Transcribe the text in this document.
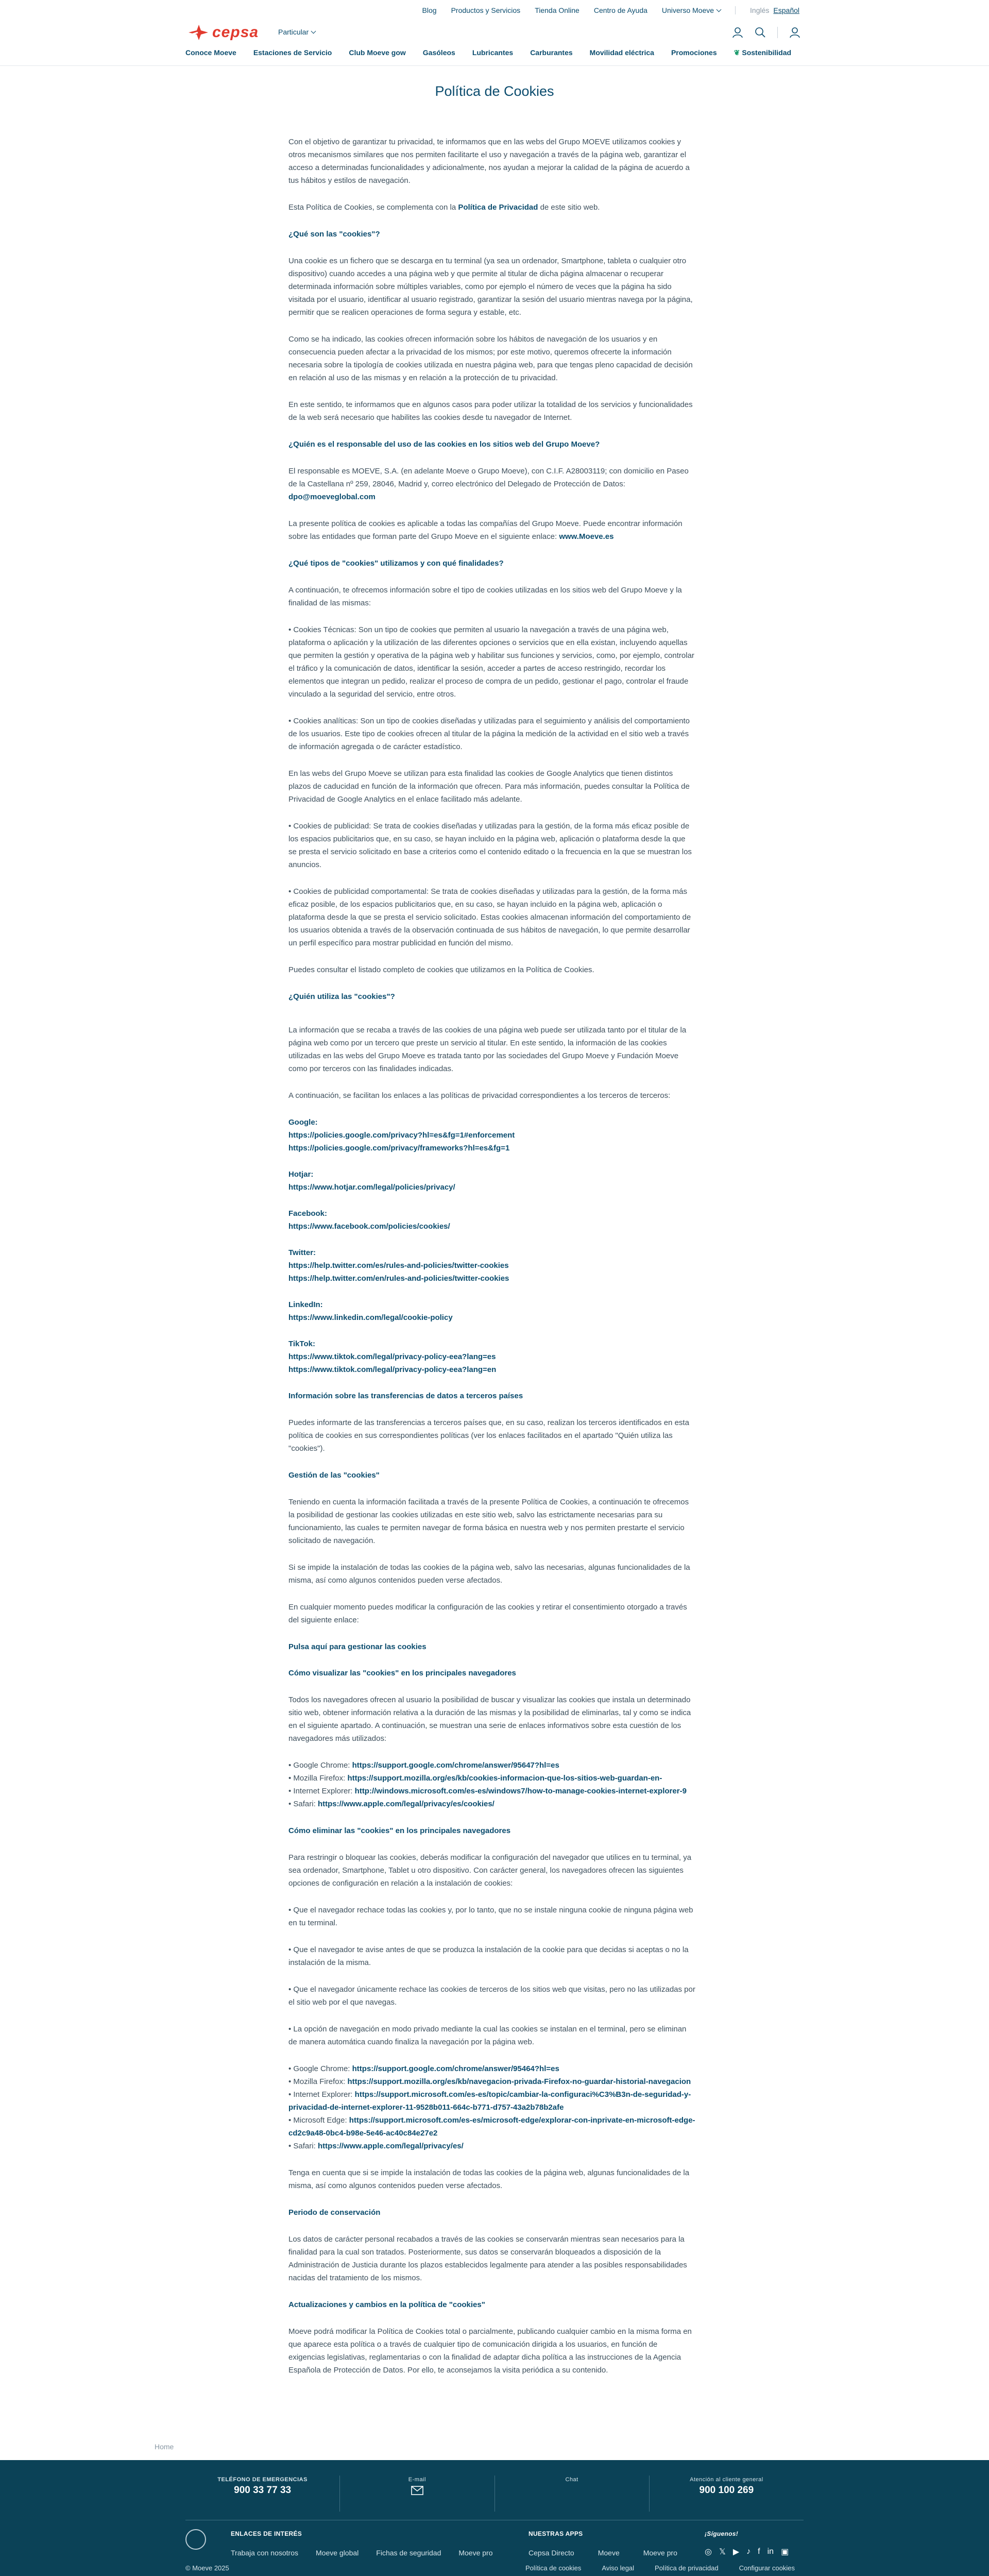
Blog Productos y Servicios Tienda Online Centro de Ayuda Universo Moeve	Inglés Español
cepsa	Particular
Conoce Moeve Estaciones de Servicio Club Moeve gow Gasóleos Lubricantes Carburantes Movilidad eléctrica Promociones ❦ Sostenibilidad
Política de Cookies

Con el objetivo de garantizar tu privacidad, te informamos que en las webs del Grupo MOEVE utilizamos cookies y otros mecanismos similares que nos permiten facilitarte el uso y navegación a través de la página web, garantizar el acceso a determinadas funcionalidades y adicionalmente, nos ayudan a mejorar la calidad de la página de acuerdo a tus hábitos y estilos de navegación.

Esta Política de Cookies, se complementa con la Política de Privacidad de este sitio web.

¿Qué son las "cookies"?

Una cookie es un fichero que se descarga en tu terminal (ya sea un ordenador, Smartphone, tableta o cualquier otro dispositivo) cuando accedes a una página web y que permite al titular de dicha página almacenar o recuperar determinada información sobre múltiples variables, como por ejemplo el número de veces que la página ha sido visitada por el usuario, identificar al usuario registrado, garantizar la sesión del usuario mientras navega por la página, permitir que se realicen operaciones de forma segura y estable, etc.

Como se ha indicado, las cookies ofrecen información sobre los hábitos de navegación de los usuarios y en consecuencia pueden afectar a la privacidad de los mismos; por este motivo, queremos ofrecerte la información necesaria sobre la tipología de cookies utilizada en nuestra página web, para que tengas pleno capacidad de decisión en relación al uso de las mismas y en relación a la protección de tu privacidad.

En este sentido, te informamos que en algunos casos para poder utilizar la totalidad de los servicios y funcionalidades de la web será necesario que habilites las cookies desde tu navegador de Internet.

¿Quién es el responsable del uso de las cookies en los sitios web del Grupo Moeve?

El responsable es MOEVE, S.A. (en adelante Moeve o Grupo Moeve), con C.I.F. A28003119; con domicilio en Paseo de la Castellana nº 259, 28046, Madrid y, correo electrónico del Delegado de Protección de Datos: dpo@moeveglobal.com

La presente política de cookies es aplicable a todas las compañías del Grupo Moeve. Puede encontrar información sobre las entidades que forman parte del Grupo Moeve en el siguiente enlace: www.Moeve.es

¿Qué tipos de "cookies" utilizamos y con qué finalidades?

A continuación, te ofrecemos información sobre el tipo de cookies utilizadas en los sitios web del Grupo Moeve y la finalidad de las mismas:

• Cookies Técnicas: Son un tipo de cookies que permiten al usuario la navegación a través de una página web, plataforma o aplicación y la utilización de las diferentes opciones o servicios que en ella existan, incluyendo aquellas que permiten la gestión y operativa de la página web y habilitar sus funciones y servicios, como, por ejemplo, controlar el tráfico y la comunicación de datos, identificar la sesión, acceder a partes de acceso restringido, recordar los elementos que integran un pedido, realizar el proceso de compra de un pedido, gestionar el pago, controlar el fraude vinculado a la seguridad del servicio, entre otros.

• Cookies analíticas: Son un tipo de cookies diseñadas y utilizadas para el seguimiento y análisis del comportamiento de los usuarios. Este tipo de cookies ofrecen al titular de la página la medición de la actividad en el sitio web a través de información agregada o de carácter estadístico.

En las webs del Grupo Moeve se utilizan para esta finalidad las cookies de Google Analytics que tienen distintos plazos de caducidad en función de la información que ofrecen. Para más información, puedes consultar la Política de Privacidad de Google Analytics en el enlace facilitado más adelante.

• Cookies de publicidad: Se trata de cookies diseñadas y utilizadas para la gestión, de la forma más eficaz posible de los espacios publicitarios que, en su caso, se hayan incluido en la página web, aplicación o plataforma desde la que se presta el servicio solicitado en base a criterios como el contenido editado o la frecuencia en la que se muestran los anuncios.

• Cookies de publicidad comportamental: Se trata de cookies diseñadas y utilizadas para la gestión, de la forma más eficaz posible, de los espacios publicitarios que, en su caso, se hayan incluido en la página web, aplicación o plataforma desde la que se presta el servicio solicitado. Estas cookies almacenan información del comportamiento de los usuarios obtenida a través de la observación continuada de sus hábitos de navegación, lo que permite desarrollar un perfil específico para mostrar publicidad en función del mismo.

Puedes consultar el listado completo de cookies que utilizamos en la Política de Cookies.

¿Quién utiliza las "cookies"?

La información que se recaba a través de las cookies de una página web puede ser utilizada tanto por el titular de la página web como por un tercero que preste un servicio al titular. En este sentido, la información de las cookies utilizadas en las webs del Grupo Moeve es tratada tanto por las sociedades del Grupo Moeve y Fundación Moeve como por terceros con las finalidades indicadas.

A continuación, se facilitan los enlaces a las políticas de privacidad correspondientes a los terceros de terceros:

Google:
https://policies.google.com/privacy?hl=es&fg=1#enforcement
https://policies.google.com/privacy/frameworks?hl=es&fg=1
Hotjar:
https://www.hotjar.com/legal/policies/privacy/
Facebook:
https://www.facebook.com/policies/cookies/
Twitter:
https://help.twitter.com/es/rules-and-policies/twitter-cookies
https://help.twitter.com/en/rules-and-policies/twitter-cookies
LinkedIn:
https://www.linkedin.com/legal/cookie-policy
TikTok:
https://www.tiktok.com/legal/privacy-policy-eea?lang=es
https://www.tiktok.com/legal/privacy-policy-eea?lang=en
Información sobre las transferencias de datos a terceros países

Puedes informarte de las transferencias a terceros países que, en su caso, realizan los terceros identificados en esta política de cookies en sus correspondientes políticas (ver los enlaces facilitados en el apartado "Quién utiliza las "cookies").

Gestión de las "cookies"

Teniendo en cuenta la información facilitada a través de la presente Política de Cookies, a continuación te ofrecemos la posibilidad de gestionar las cookies utilizadas en este sitio web, salvo las estrictamente necesarias para su funcionamiento, las cuales te permiten navegar de forma básica en nuestra web y nos permiten prestarte el servicio solicitado de navegación.

Si se impide la instalación de todas las cookies de la página web, salvo las necesarias, algunas funcionalidades de la misma, así como algunos contenidos pueden verse afectados.

En cualquier momento puedes modificar la configuración de las cookies y retirar el consentimiento otorgado a través del siguiente enlace:

Pulsa aquí para gestionar las cookies
Cómo visualizar las "cookies" en los principales navegadores

Todos los navegadores ofrecen al usuario la posibilidad de buscar y visualizar las cookies que instala un determinado sitio web, obtener información relativa a la duración de las mismas y la posibilidad de eliminarlas, tal y como se indica en el siguiente apartado. A continuación, se muestran una serie de enlaces informativos sobre esta cuestión de los navegadores más utilizados:

• Google Chrome: https://support.google.com/chrome/answer/95647?hl=es
• Mozilla Firefox: https://support.mozilla.org/es/kb/cookies-informacion-que-los-sitios-web-guardan-en-
• Internet Explorer: http://windows.microsoft.com/es-es/windows7/how-to-manage-cookies-internet-explorer-9
• Safari: https://www.apple.com/legal/privacy/es/cookies/

Cómo eliminar las "cookies" en los principales navegadores

Para restringir o bloquear las cookies, deberás modificar la configuración del navegador que utilices en tu terminal, ya sea ordenador, Smartphone, Tablet u otro dispositivo. Con carácter general, los navegadores ofrecen las siguientes opciones de configuración en relación a la instalación de cookies:

• Que el navegador rechace todas las cookies y, por lo tanto, que no se instale ninguna cookie de ninguna página web en tu terminal.

• Que el navegador te avise antes de que se produzca la instalación de la cookie para que decidas si aceptas o no la instalación de la misma.

• Que el navegador únicamente rechace las cookies de terceros de los sitios web que visitas, pero no las utilizadas por el sitio web por el que navegas.

• La opción de navegación en modo privado mediante la cual las cookies se instalan en el terminal, pero se eliminan de manera automática cuando finaliza la navegación por la página web.

• Google Chrome: https://support.google.com/chrome/answer/95464?hl=es
• Mozilla Firefox: https://support.mozilla.org/es/kb/navegacion-privada-Firefox-no-guardar-historial-navegacion
• Internet Explorer: https://support.microsoft.com/es-es/topic/cambiar-la-configuraci%C3%B3n-de-seguridad-y-privacidad-de-internet-explorer-11-9528b011-664c-b771-d757-43a2b78b2afe
• Microsoft Edge: https://support.microsoft.com/es-es/microsoft-edge/explorar-con-inprivate-en-microsoft-edge-cd2c9a48-0bc4-b98e-5e46-ac40c84e27e2
• Safari: https://www.apple.com/legal/privacy/es/

Tenga en cuenta que si se impide la instalación de todas las cookies de la página web, algunas funcionalidades de la misma, así como algunos contenidos pueden verse afectados.

Periodo de conservación

Los datos de carácter personal recabados a través de las cookies se conservarán mientras sean necesarios para la finalidad para la cual son tratados. Posteriormente, sus datos se conservarán bloqueados a disposición de la Administración de Justicia durante los plazos establecidos legalmente para atender a las posibles responsabilidades nacidas del tratamiento de los mismos.

Actualizaciones y cambios en la política de "cookies"

Moeve podrá modificar la Política de Cookies total o parcialmente, publicando cualquier cambio en la misma forma en que aparece esta política o a través de cualquier tipo de comunicación dirigida a los usuarios, en función de exigencias legislativas, reglamentarias o con la finalidad de adaptar dicha política a las instrucciones de la Agencia Española de Protección de Datos. Por ello, te aconsejamos la visita periódica a su contenido.

Home
TELÉFONO DE EMERGENCIAS
900 33 77 33
E-mail	Chat	Atención al cliente general
900 100 269
ENLACES DE INTERÉS
Trabaja con nosotros Moeve global Fichas de seguridad Moeve pro
NUESTRAS APPS
Cepsa Directo	Moeve	Moeve pro
¡Síguenos!
◎ 𝕏 ▶ ♪ f in ▣
© Moeve 2025	Política de cookies	Aviso legal	Política de privacidad	Configurar cookies
